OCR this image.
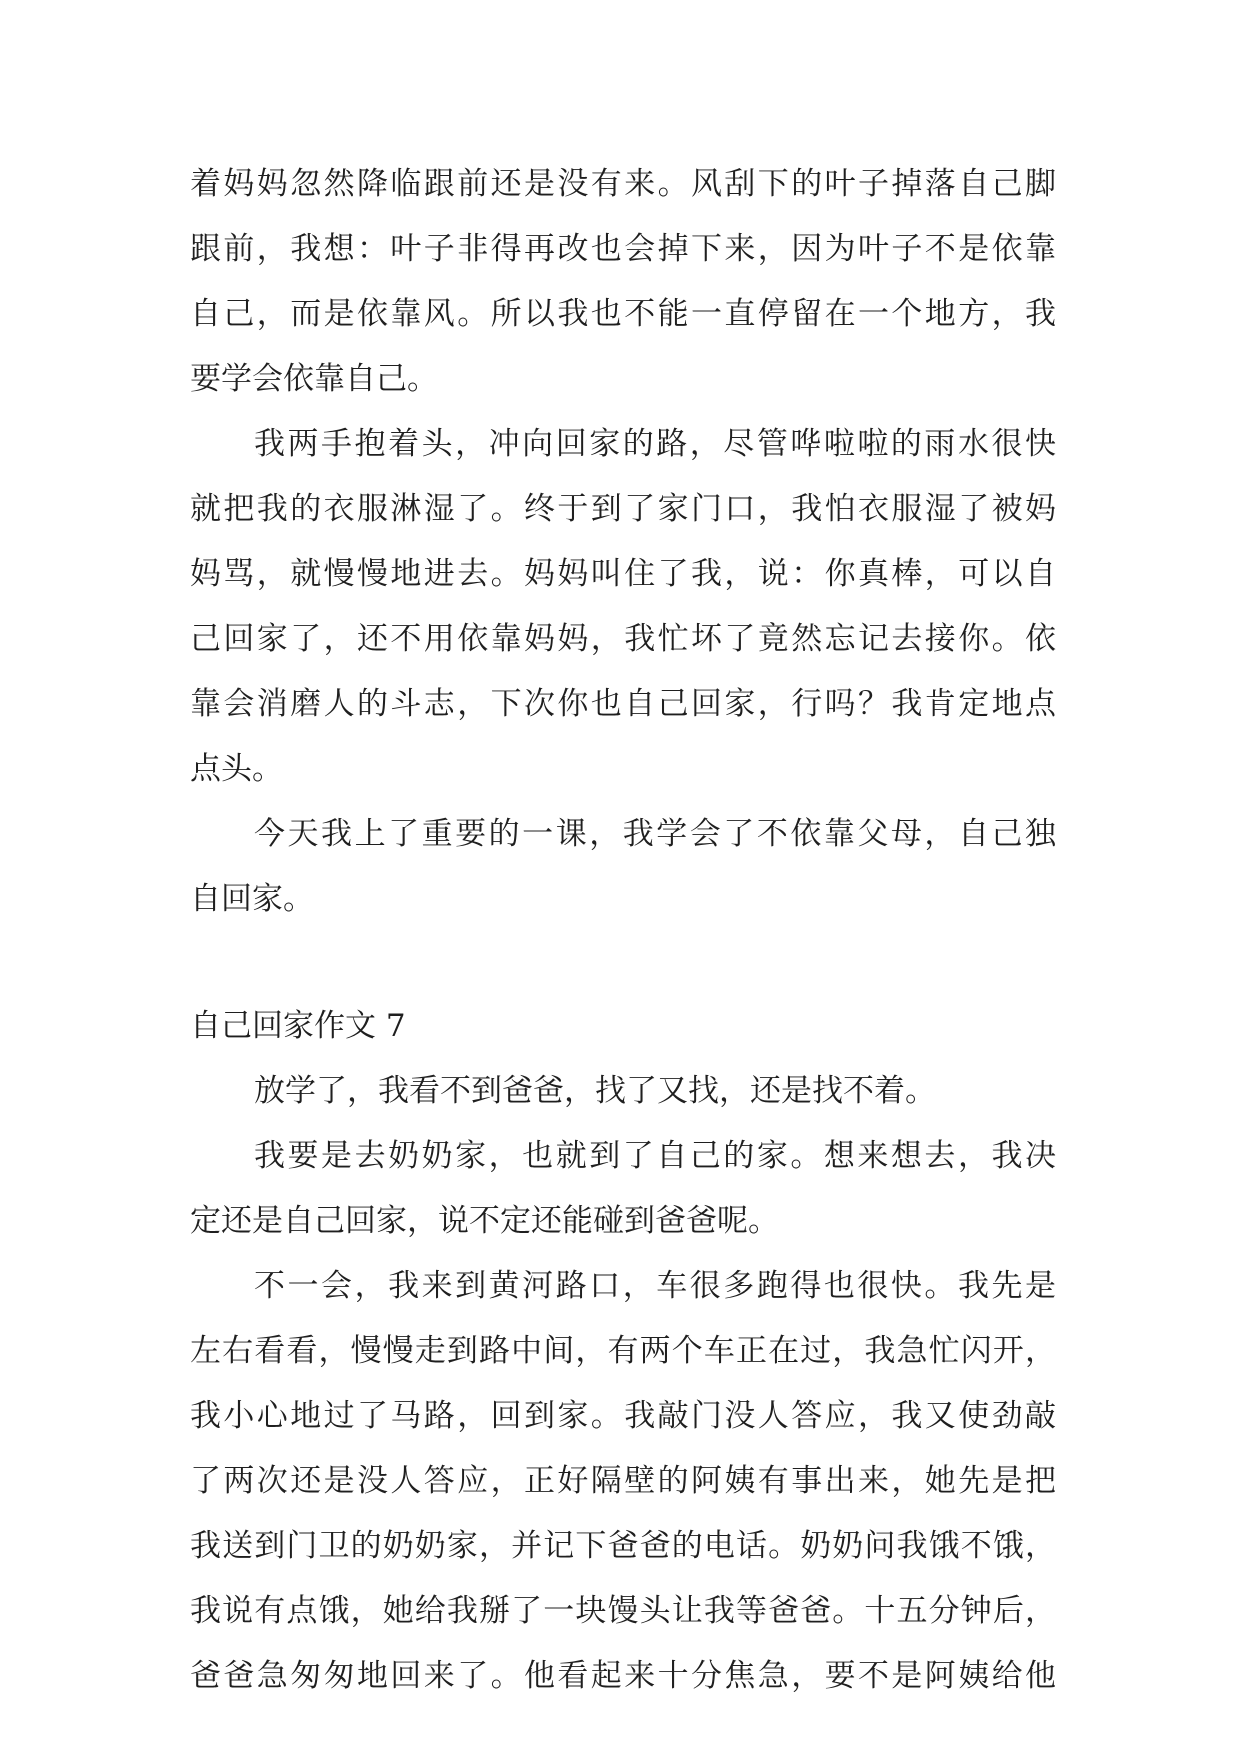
着妈妈忽然降临跟前还是没有来。风刮下的叶子掉落自己脚
跟前，我想：叶子非得再改也会掉下来，因为叶子不是依靠
自己，而是依靠风。所以我也不能一直停留在一个地方，我
要学会依靠自己。

我两手抱着头，冲向回家的路，尽管哗啦啦的雨水很快
就把我的衣服淋湿了。终于到了家门口，我怕衣服湿了被妈
妈骂，就慢慢地进去。妈妈叫住了我，说：你真棒，可以自
己回家了，还不用依靠妈妈，我忙坏了竟然忘记去接你。依
靠会消磨人的斗志，下次你也自己回家，行吗？我肯定地点
点头。

今天我上了重要的一课，我学会了不依靠父母，自己独
自回家。

自己回家作文 7

放学了，我看不到爸爸，找了又找，还是找不着。

我要是去奶奶家，也就到了自己的家。想来想去，我决
定还是自己回家，说不定还能碰到爸爸呢。

不一会，我来到黄河路口，车很多跑得也很快。我先是
左右看看，慢慢走到路中间，有两个车正在过，我急忙闪开，
我小心地过了马路，回到家。我敲门没人答应，我又使劲敲
了两次还是没人答应，正好隔壁的阿姨有事出来，她先是把
我送到门卫的奶奶家，并记下爸爸的电话。奶奶问我饿不饿，
我说有点饿，她给我掰了一块馒头让我等爸爸。十五分钟后，
爸爸急匆匆地回来了。他看起来十分焦急，要不是阿姨给他
